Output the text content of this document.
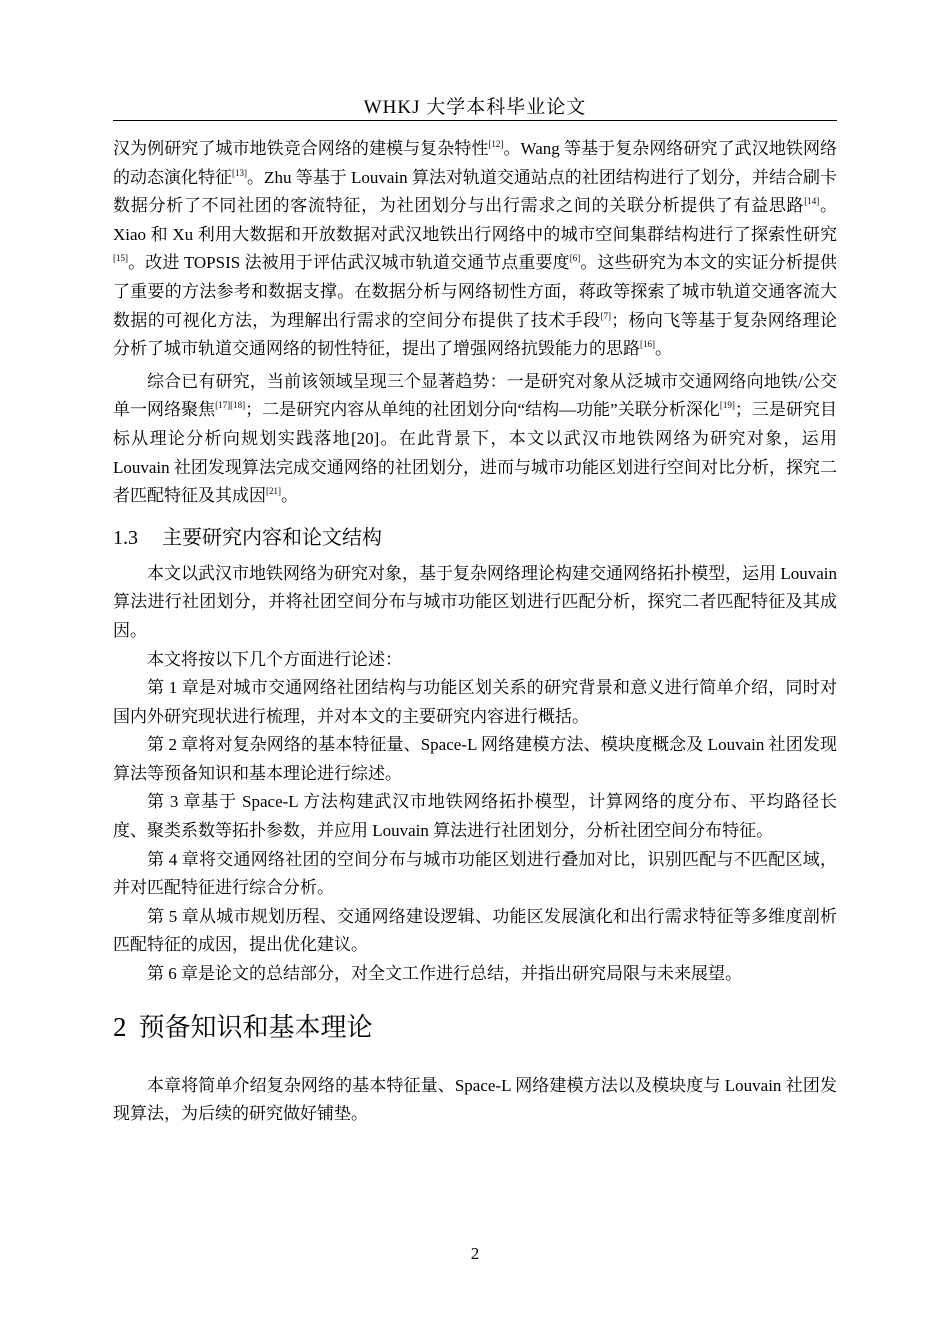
WHKJ 大学本科毕业论文

汉为例研究了城市地铁竞合网络的建模与复杂特性[12]。Wang 等基于复杂网络研究了武汉地铁网络的动态演化特征[13]。Zhu 等基于 Louvain 算法对轨道交通站点的社团结构进行了划分，并结合刷卡数据分析了不同社团的客流特征，为社团划分与出行需求之间的关联分析提供了有益思路[14]。Xiao 和 Xu 利用大数据和开放数据对武汉地铁出行网络中的城市空间集群结构进行了探索性研究[15]。改进 TOPSIS 法被用于评估武汉城市轨道交通节点重要度[6]。这些研究为本文的实证分析提供了重要的方法参考和数据支撑。在数据分析与网络韧性方面，蒋政等探索了城市轨道交通客流大数据的可视化方法，为理解出行需求的空间分布提供了技术手段[7]；杨向飞等基于复杂网络理论分析了城市轨道交通网络的韧性特征，提出了增强网络抗毁能力的思路[16]。

综合已有研究，当前该领域呈现三个显著趋势：一是研究对象从泛城市交通网络向地铁/公交单一网络聚焦[17][18]；二是研究内容从单纯的社团划分向“结构—功能”关联分析深化[19]；三是研究目标从理论分析向规划实践落地[20]。在此背景下，本文以武汉市地铁网络为研究对象，运用 Louvain 社团发现算法完成交通网络的社团划分，进而与城市功能区划进行空间对比分析，探究二者匹配特征及其成因[21]。

1.3 主要研究内容和论文结构

本文以武汉市地铁网络为研究对象，基于复杂网络理论构建交通网络拓扑模型，运用 Louvain 算法进行社团划分，并将社团空间分布与城市功能区划进行匹配分析，探究二者匹配特征及其成因。

本文将按以下几个方面进行论述：

第 1 章是对城市交通网络社团结构与功能区划关系的研究背景和意义进行简单介绍，同时对国内外研究现状进行梳理，并对本文的主要研究内容进行概括。

第 2 章将对复杂网络的基本特征量、Space-L 网络建模方法、模块度概念及 Louvain 社团发现算法等预备知识和基本理论进行综述。

第 3 章基于 Space-L 方法构建武汉市地铁网络拓扑模型，计算网络的度分布、平均路径长度、聚类系数等拓扑参数，并应用 Louvain 算法进行社团划分，分析社团空间分布特征。

第 4 章将交通网络社团的空间分布与城市功能区划进行叠加对比，识别匹配与不匹配区域，并对匹配特征进行综合分析。

第 5 章从城市规划历程、交通网络建设逻辑、功能区发展演化和出行需求特征等多维度剖析匹配特征的成因，提出优化建议。

第 6 章是论文的总结部分，对全文工作进行总结，并指出研究局限与未来展望。

2 预备知识和基本理论

本章将简单介绍复杂网络的基本特征量、Space-L 网络建模方法以及模块度与 Louvain 社团发现算法，为后续的研究做好铺垫。

2
